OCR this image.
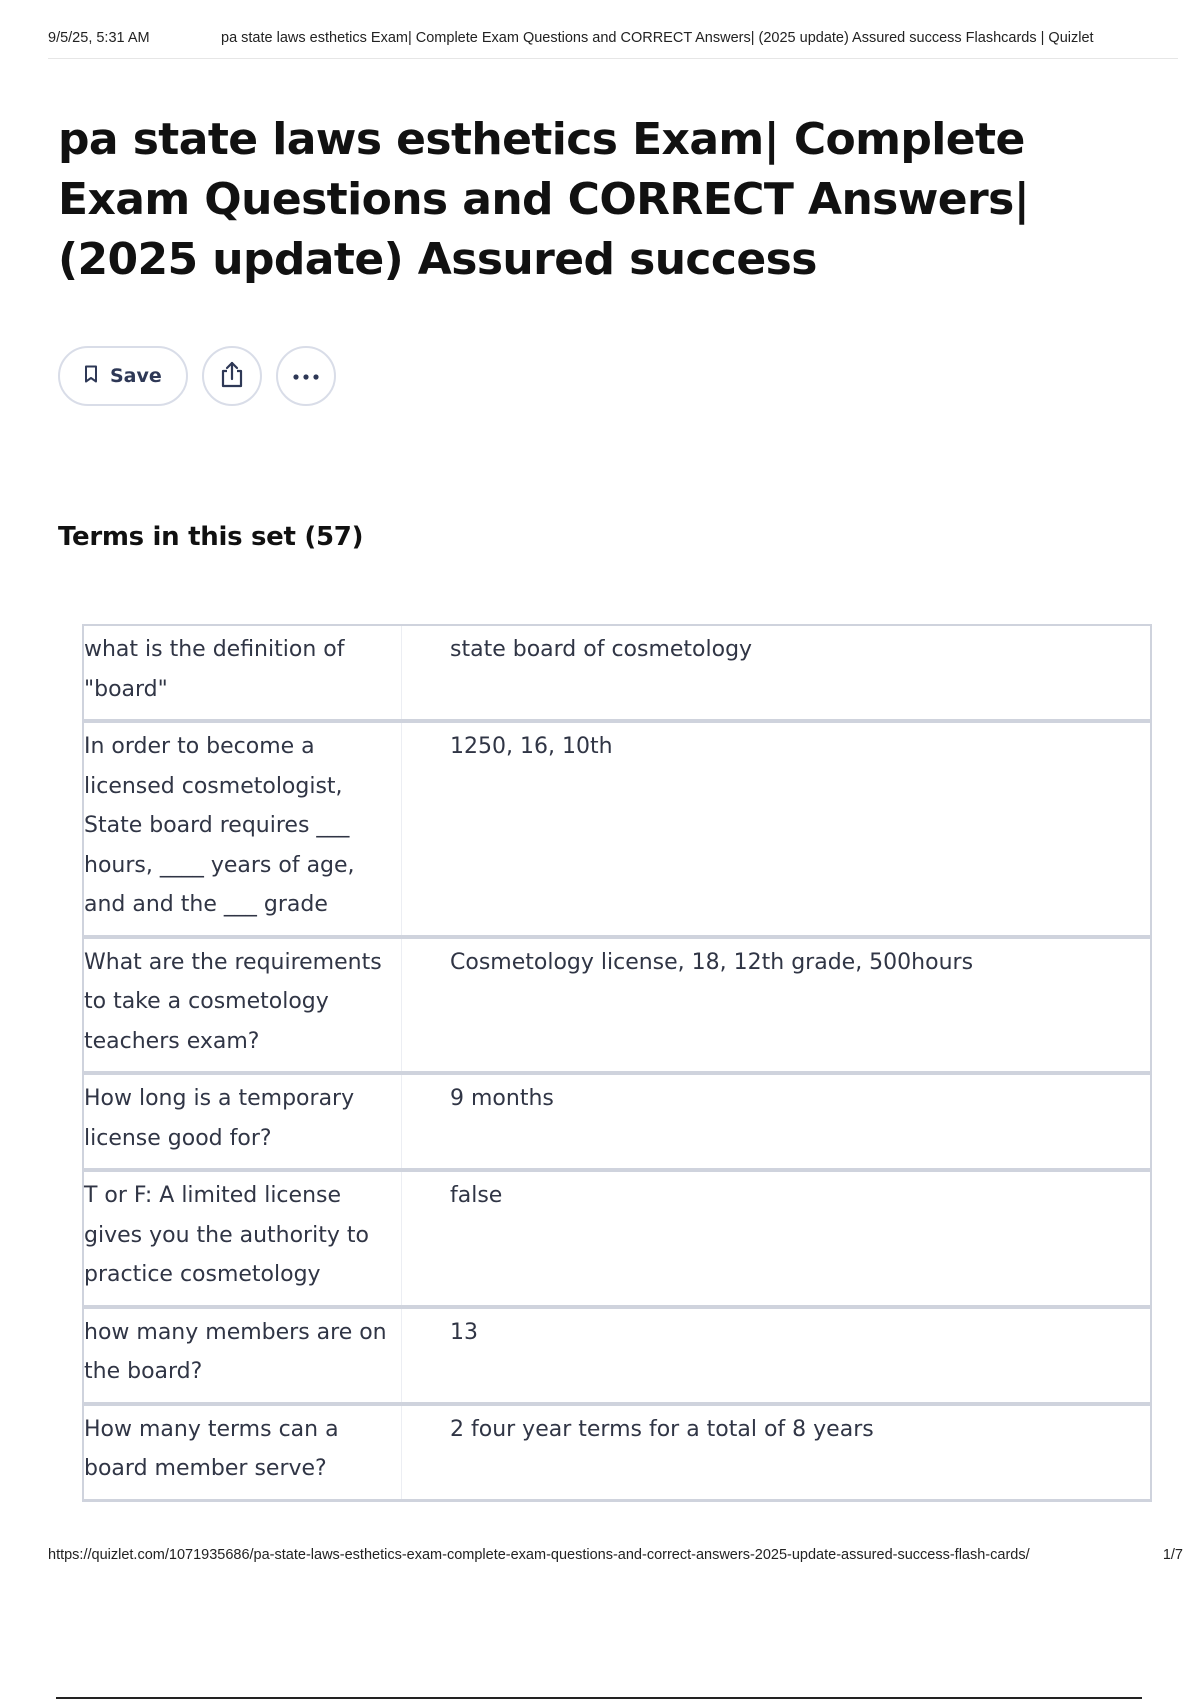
9/5/25, 5:31 AM	pa state laws esthetics Exam| Complete Exam Questions and CORRECT Answers| (2025 update) Assured success Flashcards | Quizlet
pa state laws esthetics Exam| Complete Exam Questions and CORRECT Answers| (2025 update) Assured success
Save
Terms in this set (57)
what is the definition of "board"
state board of cosmetology
In order to become a licensed cosmetologist, State board requires ___ hours, ____ years of age, and and the ___ grade
1250, 16, 10th
What are the requirements to take a cosmetology teachers exam?
Cosmetology license, 18, 12th grade, 500hours
How long is a temporary license good for?
9 months
T or F: A limited license gives you the authority to practice cosmetology
false
how many members are on the board?
13
How many terms can a board member serve?
2 four year terms for a total of 8 years
https://quizlet.com/1071935686/pa-state-laws-esthetics-exam-complete-exam-questions-and-correct-answers-2025-update-assured-success-flash-cards/	1/7
